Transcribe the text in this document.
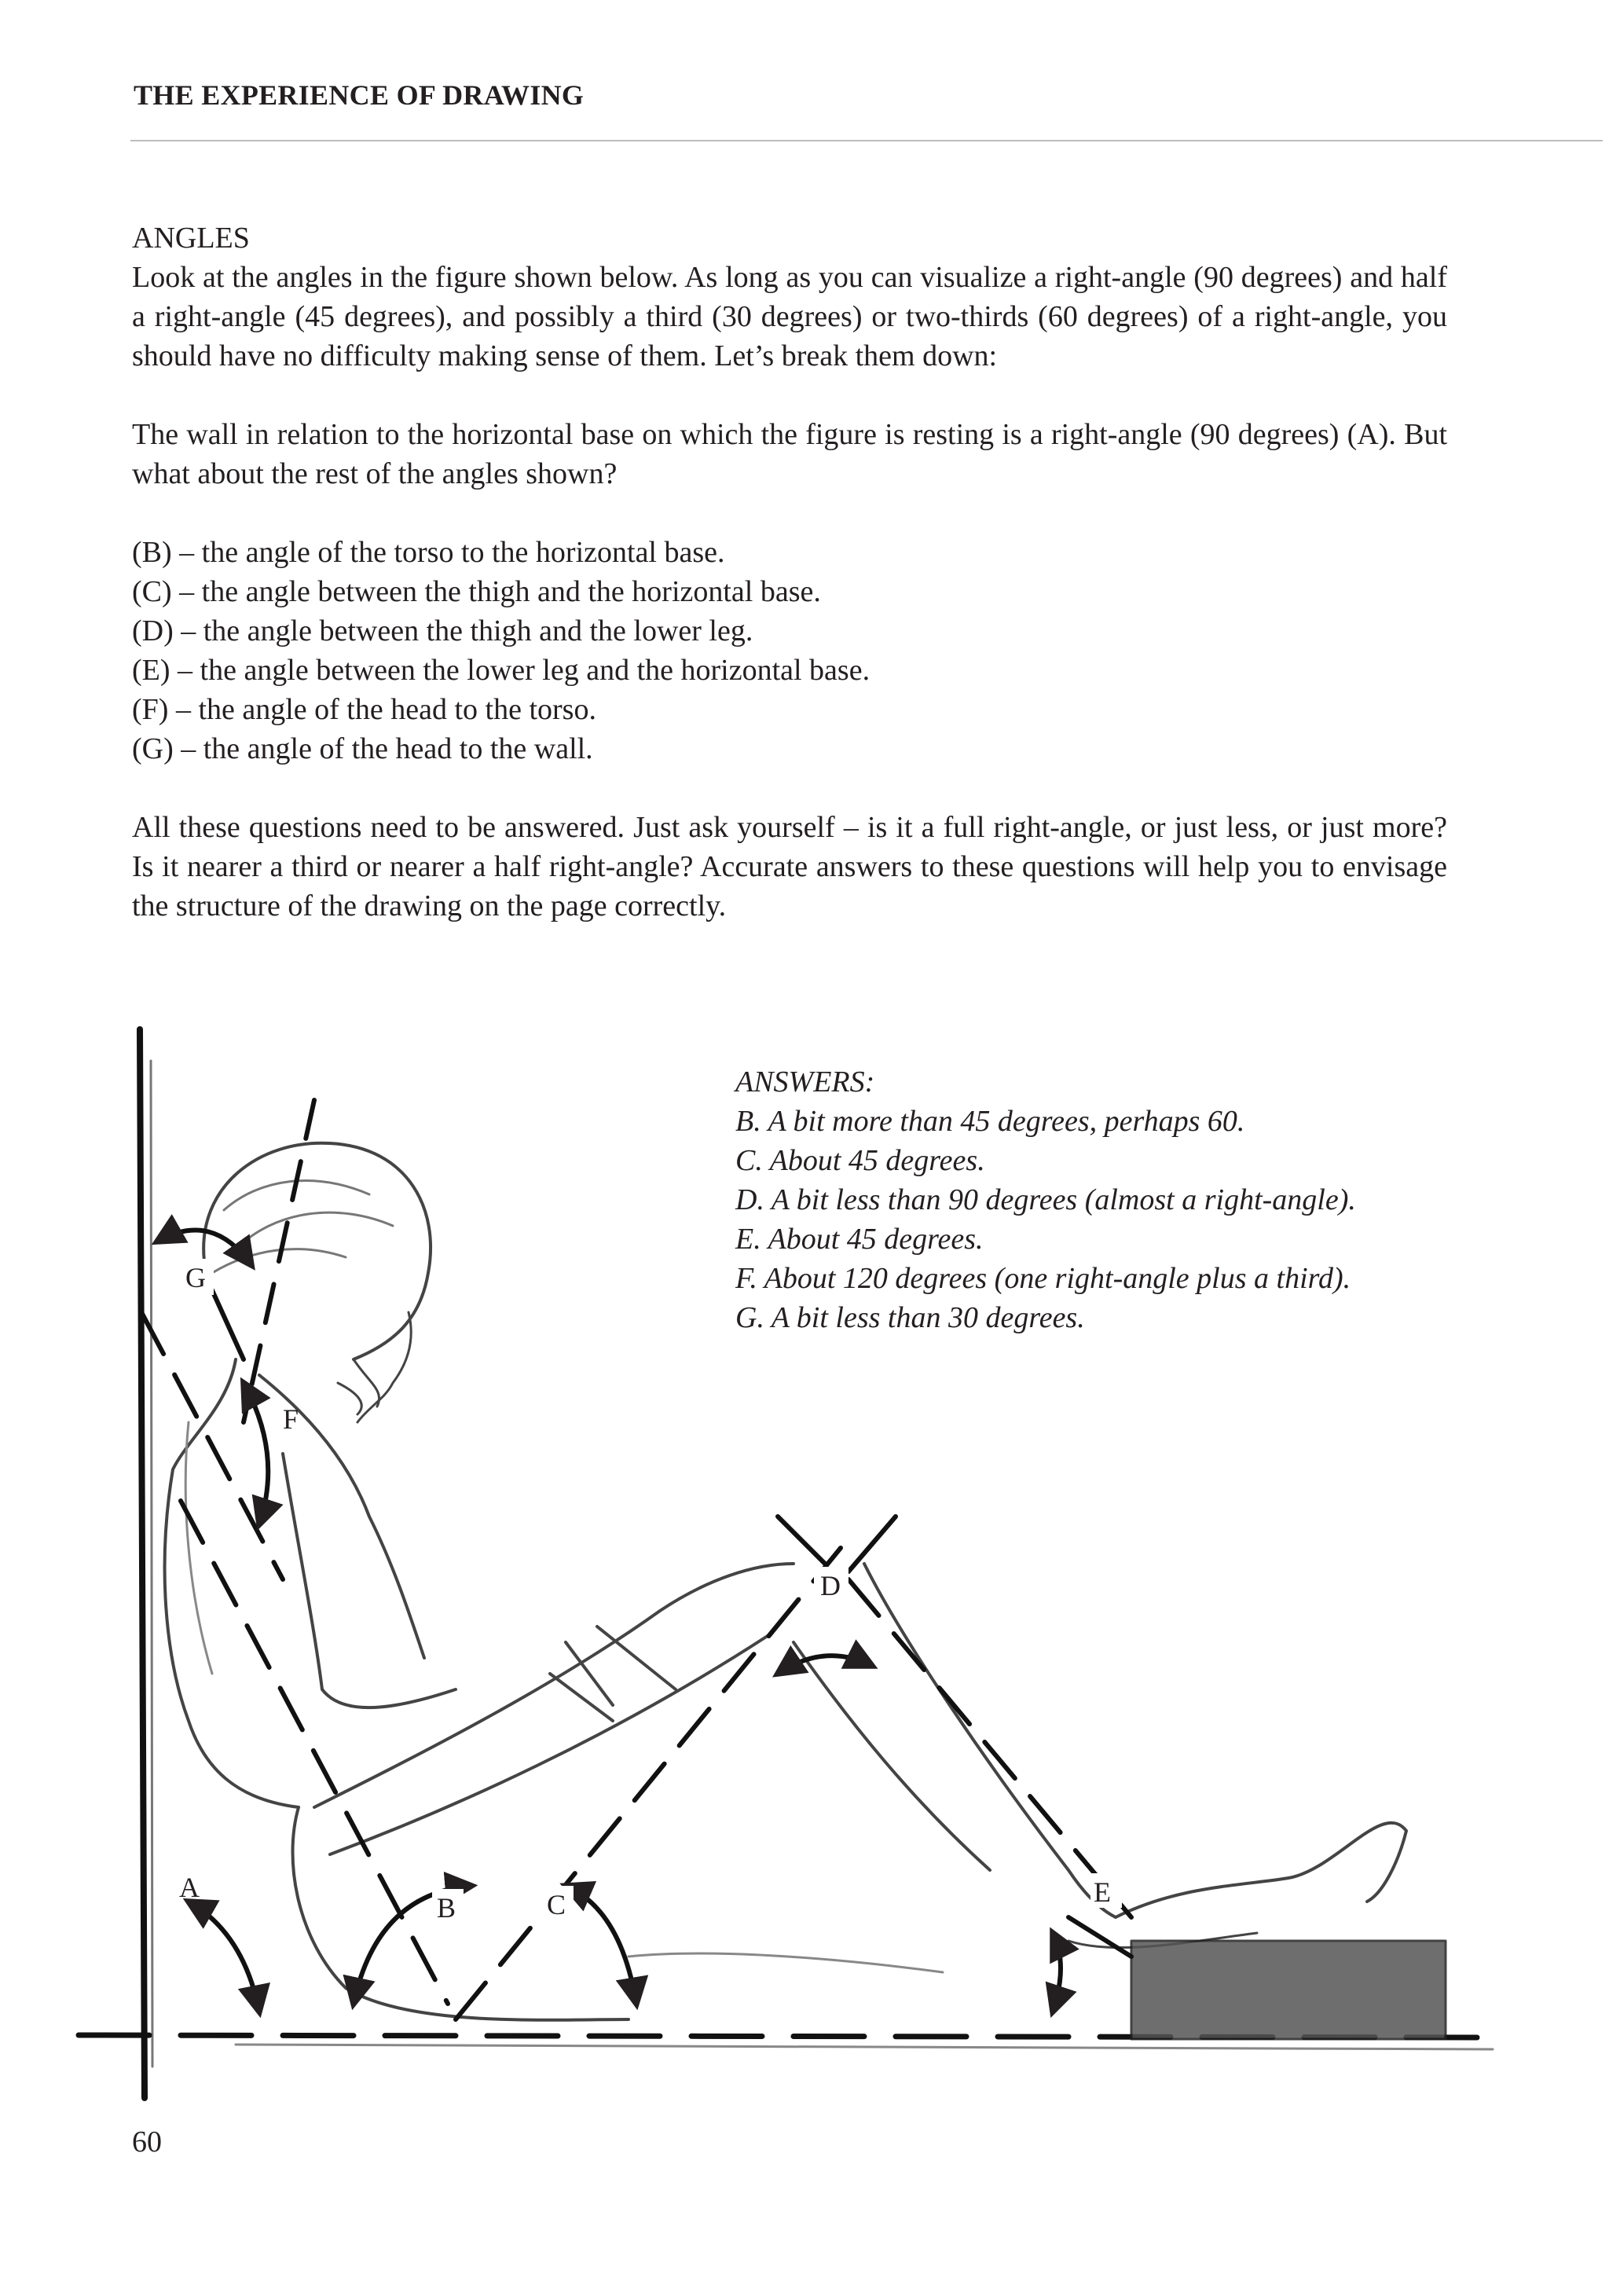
THE EXPERIENCE OF DRAWING

ANGLES

Look at the angles in the figure shown below. As long as you can visualize a right-angle (90 degrees) and half a right-angle (45 degrees), and possibly a third (30 degrees) or two-thirds (60 degrees) of a right-angle, you should have no difficulty making sense of them. Let’s break them down:

The wall in relation to the horizontal base on which the figure is resting is a right-angle (90 degrees) (A). But what about the rest of the angles shown?

(B) – the angle of the torso to the horizontal base.
(C) – the angle between the thigh and the horizontal base.
(D) – the angle between the thigh and the lower leg.
(E) – the angle between the lower leg and the horizontal base.
(F) – the angle of the head to the torso.
(G) – the angle of the head to the wall.

All these questions need to be answered. Just ask yourself – is it a full right-angle, or just less, or just more? Is it nearer a third or nearer a half right-angle? Accurate answers to these questions will help you to envisage the structure of the drawing on the page correctly.

G
F
D
A
B	C	E
ANSWERS:
B. A bit more than 45 degrees, perhaps 60.
C. About 45 degrees.
D. A bit less than 90 degrees (almost a right-angle).
E. About 45 degrees.
F. About 120 degrees (one right-angle plus a third).
G. A bit less than 30 degrees.
60
